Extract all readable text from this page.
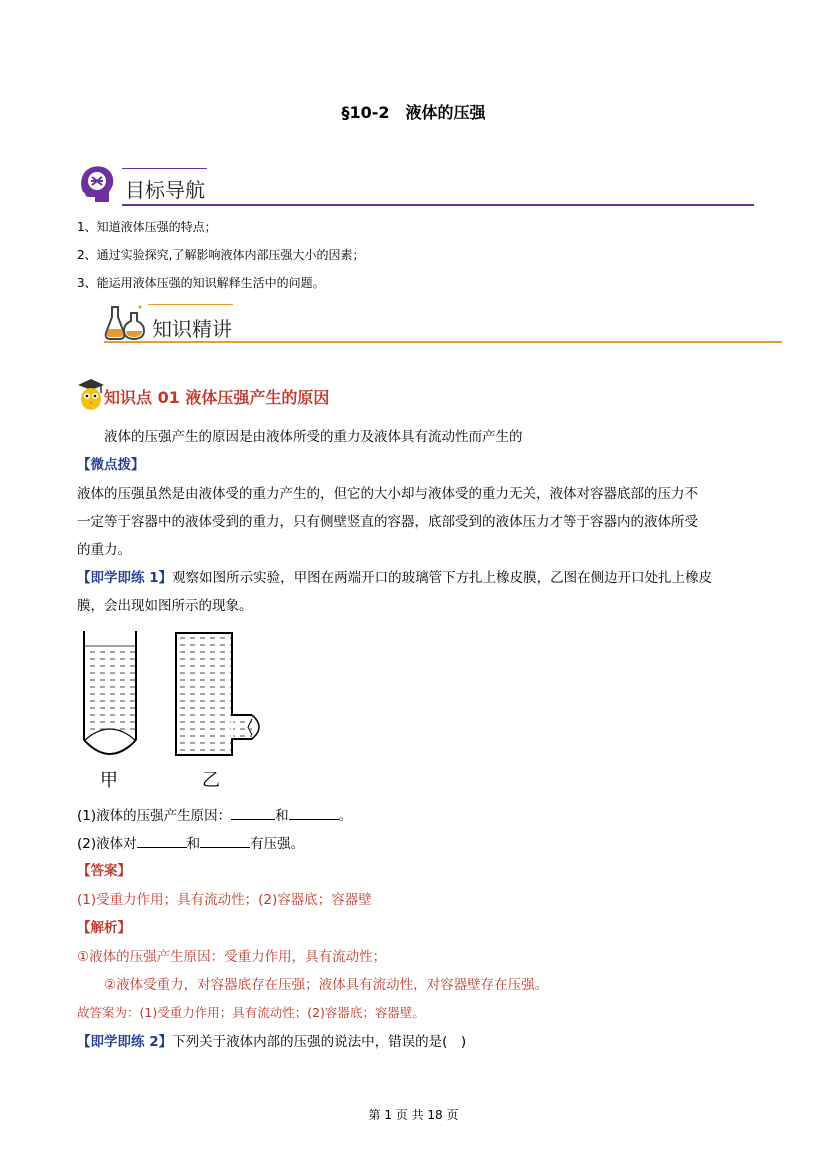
§10-2　液体的压强
目标导航
1、知道液体压强的特点；
2、通过实验探究,了解影响液体内部压强大小的因素；
3、能运用液体压强的知识解释生活中的问题。
知识精讲
知识点 01 液体压强产生的原因
液体的压强产生的原因是由液体所受的重力及液体具有流动性而产生的
【微点拨】
液体的压强虽然是由液体受的重力产生的，但它的大小却与液体受的重力无关，液体对容器底部的压力不
一定等于容器中的液体受到的重力，只有侧壁竖直的容器，底部受到的液体压力才等于容器内的液体所受
的重力。
【即学即练 1】观察如图所示实验，甲图在两端开口的玻璃管下方扎上橡皮膜，乙图在侧边开口处扎上橡皮
膜，会出现如图所示的现象。
甲	乙
(1)液体的压强产生原因：	和	。
(2)液体对	和	有压强。
【答案】
(1)受重力作用；具有流动性；(2)容器底；容器壁
【解析】
①液体的压强产生原因：受重力作用，具有流动性；
②液体受重力，对容器底存在压强；液体具有流动性，对容器壁存在压强。
故答案为：(1)受重力作用；具有流动性；(2)容器底；容器壁。
【即学即练 2】下列关于液体内部的压强的说法中，错误的是(　)
第 1 页 共 18 页
